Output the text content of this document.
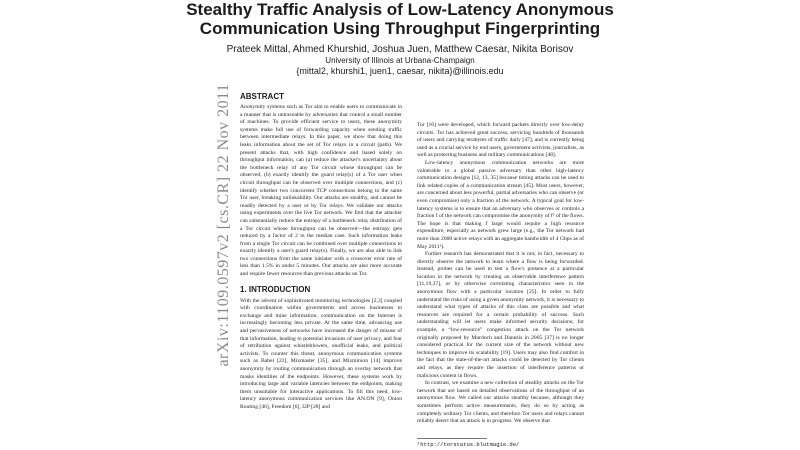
Stealthy Traffic Analysis of Low-Latency Anonymous
Communication Using Throughput Fingerprinting
Prateek Mittal, Ahmed Khurshid, Joshua Juen, Matthew Caesar, Nikita Borisov
University of Illinois at Urbana-Champaign
{mittal2, khurshi1, juen1, caesar, nikita}@illinois.edu
arXiv:1109.0597v2 [cs.CR] 22 Nov 2011 ABSTRACT

Anonymity systems such as Tor aim to enable users to communicate in a manner that is untraceable by adversaries that control a small number of machines. To provide efficient service to users, these anonymity systems make full use of forwarding capacity when sending traffic between intermediate relays. In this paper, we show that doing this leaks information about the set of Tor relays in a circuit (path). We present attacks that, with high confidence and based solely on throughput information, can (a) reduce the attacker's uncertainty about the bottleneck relay of any Tor circuit whose throughput can be observed, (b) exactly identify the guard relay(s) of a Tor user when circuit throughput can be observed over multiple connections, and (c) identify whether two concurrent TCP connections belong to the same Tor user, breaking unlinkability. Our attacks are stealthy, and cannot be readily detected by a user or by Tor relays. We validate our attacks using experiments over the live Tor network. We find that the attacker can substantially reduce the entropy of a bottleneck relay distribution of a Tor circuit whose throughput can be observed—the entropy gets reduced by a factor of 2 in the median case. Such information leaks from a single Tor circuit can be combined over multiple connections to exactly identify a user's guard relay(s). Finally, we are also able to link two connections from the same initiator with a crossover error rate of less than 1.5% in under 5 minutes. Our attacks are also more accurate and require fewer resources than previous attacks on Tor.

1. INTRODUCTION

With the advent of sophisticated monitoring technologies [2,3] coupled with coordination within governments and across businesses to exchange and mine information, communication on the Internet is increasingly becoming less private. At the same time, advancing use and pervasiveness of networks have increased the danger of misuse of that information, leading to potential invasions of user privacy, and fear of retribution against whistleblowers, unofficial leaks, and political activists. To counter this threat, anonymous communication systems such as Babel [22], Mixmaster [35], and Mixminion [14] improve anonymity by routing communication through an overlay network that masks identities of the endpoints. However, these systems work by introducing large and variable latencies between the endpoints, making them unsuitable for interactive applications. To fill this need, low-latency anonymous communication services like AN.ON [9], Onion Routing [46], Freedom [6], I2P [28] and

Tor [16] were developed, which forward packets directly over low-delay circuits. Tor has achieved great success, servicing hundreds of thousands of users and carrying terabytes of traffic daily [47], and is currently being used as a crucial service by end users, government activists, journalists, as well as protecting business and military communications [48].

Low-latency anonymous communication networks are more vulnerable to a global passive adversary than other high-latency communication designs [12, 13, 35] because timing attacks can be used to link related copies of a communication stream [45]. Most users, however, are concerned about less powerful, partial adversaries who can observe (or even compromise) only a fraction of the network. A typical goal for low-latency systems is to ensure that an adversary who observes or controls a fraction f of the network can compromise the anonymity of f² of the flows. The hope is that making f large would require a high resource expenditure, especially as network grew large (e.g., the Tor network had more than 2000 active relays with an aggregate bandwidth of 4 Gbps as of May 2011¹).

Further research has demonstrated that it is not, in fact, necessary to directly observe the network to learn where a flow is being forwarded. Instead, probes can be used to test a flow's presence at a particular location in the network by creating an observable interference pattern [11,19,37], or by otherwise correlating characteristics seen in the anonymous flow with a particular location [25]. In order to fully understand the risks of using a given anonymity network, it is necessary to understand what types of attacks of this class are possible and what resources are required for a certain probability of success. Such understanding will let users make informed security decisions; for example, a “low-resource” congestion attack on the Tor network originally proposed by Murdoch and Danezis in 2005 [37] is no longer considered practical for the current size of the network without new techniques to improve its scalability [19]. Users may also find comfort in the fact that the state-of-the-art attacks could be detected by Tor clients and relays, as they require the insertion of interference patterns or malicious content in flows.

In contrast, we examine a new collection of stealthy attacks on the Tor network that are based on detailed observations of the throughput of an anonymous flow. We called our attacks stealthy because, although they sometimes perform active measurements, they do so by acting as completely ordinary Tor clients, and therefore Tor users and relays cannot reliably detect that an attack is in progress. We observe that

¹http://torstatus.blutmagie.de/
